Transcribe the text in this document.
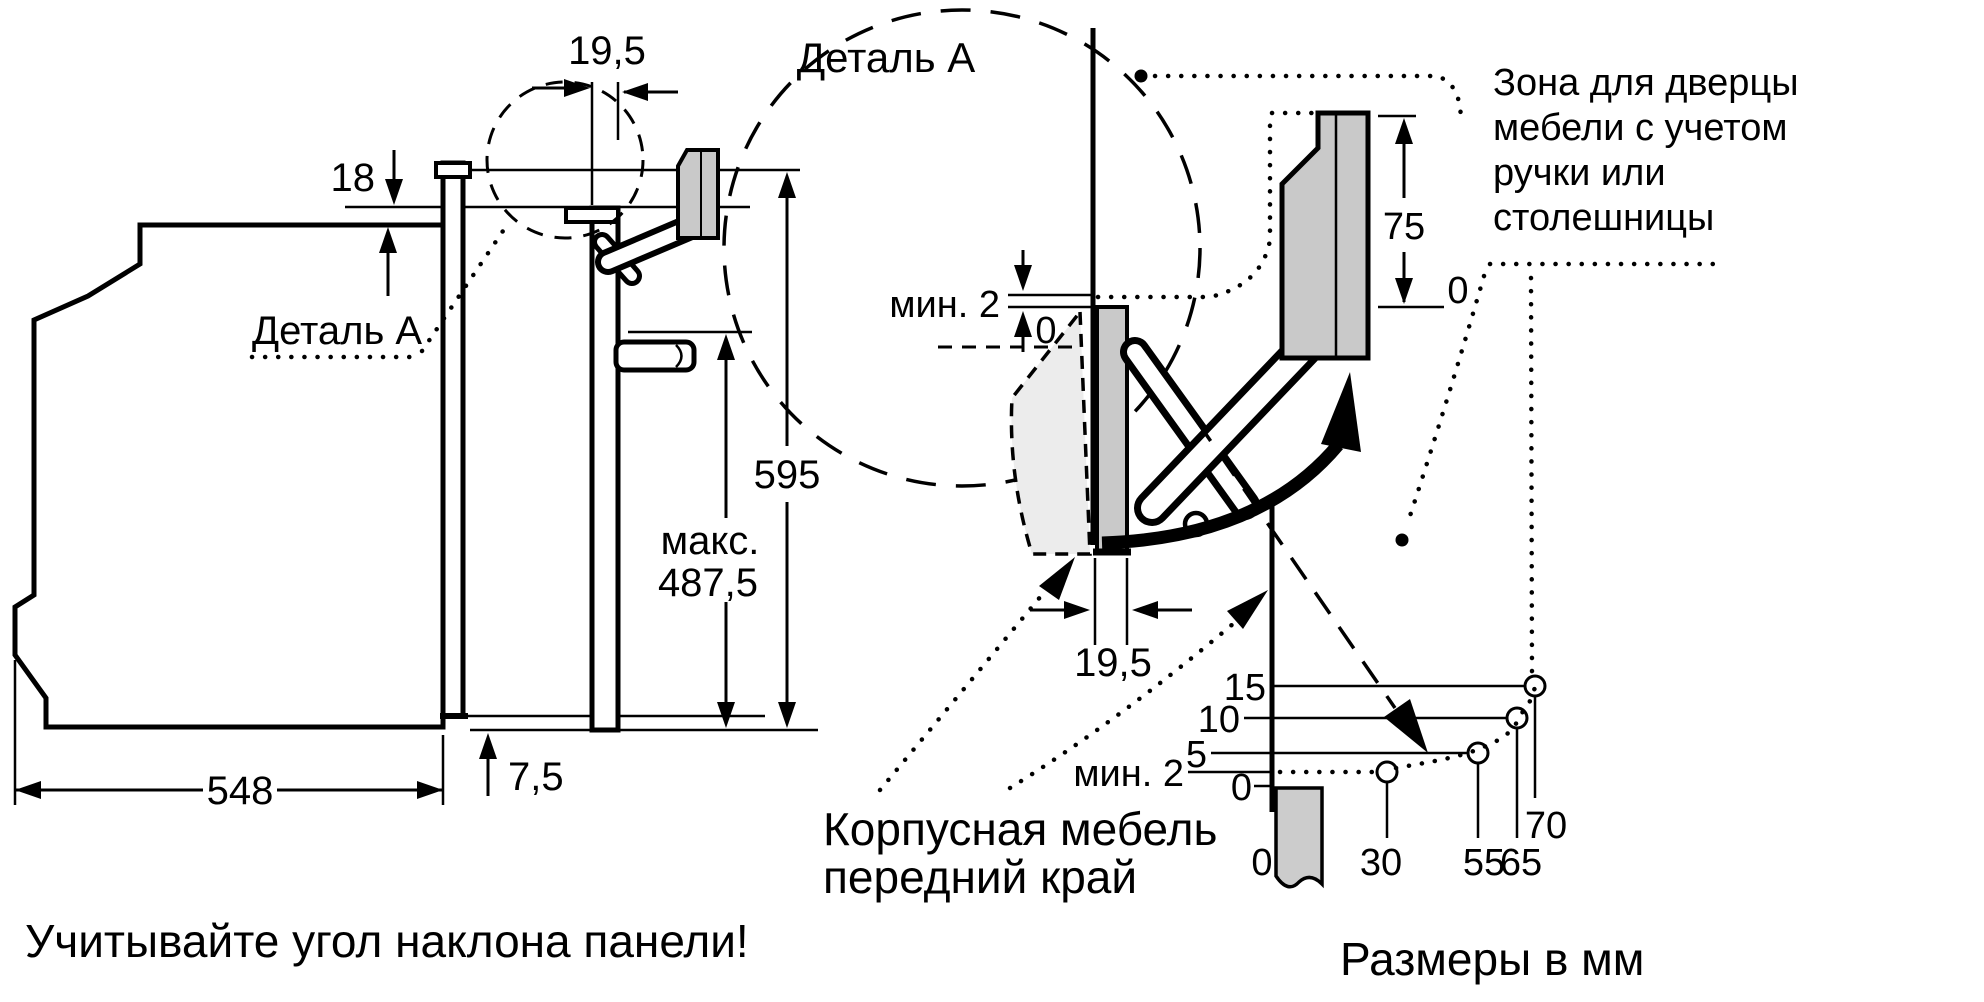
19,5
18
Деталь A
595
макс.
487,5
7,5
548
Учитывайте угол наклона панели!
Деталь A
мин. 2
0
75
0
19,5
Зона для дверцы
мебели с учетом
ручки или
столешницы
15
70
10
65
5
55
мин. 2
30
0
0
Корпусная мебель
передний край
Размеры в мм
